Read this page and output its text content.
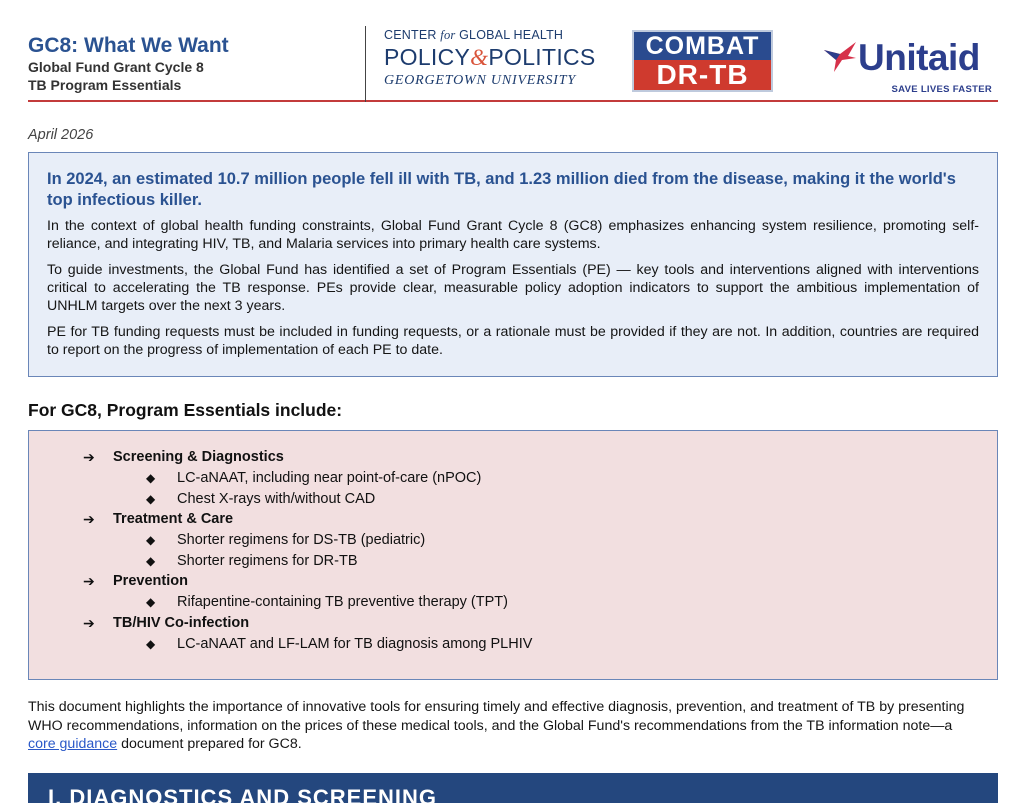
GC8: What We Want
Global Fund Grant Cycle 8
TB Program Essentials
CENTER for GLOBAL HEALTH
POLICY&POLITICS
GEORGETOWN UNIVERSITY
COMBAT
DR-TB	Unitaid
SAVE LIVES FASTER
April 2026
In 2024, an estimated 10.7 million people fell ill with TB, and 1.23 million died from the disease, making it the world's top infectious killer.

In the context of global health funding constraints, Global Fund Grant Cycle 8 (GC8) emphasizes enhancing system resilience, promoting self-reliance, and integrating HIV, TB, and Malaria services into primary health care systems.

To guide investments, the Global Fund has identified a set of Program Essentials (PE) — key tools and interventions aligned with interventions critical to accelerating the TB response. PEs provide clear, measurable policy adoption indicators to support the ambitious implementation of UNHLM targets over the next 3 years.

PE for TB funding requests must be included in funding requests, or a rationale must be provided if they are not. In addition, countries are required to report on the progress of implementation of each PE to date.

For GC8, Program Essentials include:
➔	Screening & Diagnostics
◆	LC-aNAAT, including near point-of-care (nPOC)
◆	Chest X-rays with/without CAD
➔	Treatment & Care
◆	Shorter regimens for DS-TB (pediatric)
◆	Shorter regimens for DR-TB
➔	Prevention
◆	Rifapentine-containing TB preventive therapy (TPT)
➔	TB/HIV Co-infection
◆	LC-aNAAT and LF-LAM for TB diagnosis among PLHIV
This document highlights the importance of innovative tools for ensuring timely and effective diagnosis, prevention, and treatment of TB by presenting WHO recommendations, information on the prices of these medical tools, and the Global Fund's recommendations from the TB information note—a core guidance document prepared for GC8.
I. DIAGNOSTICS AND SCREENING
